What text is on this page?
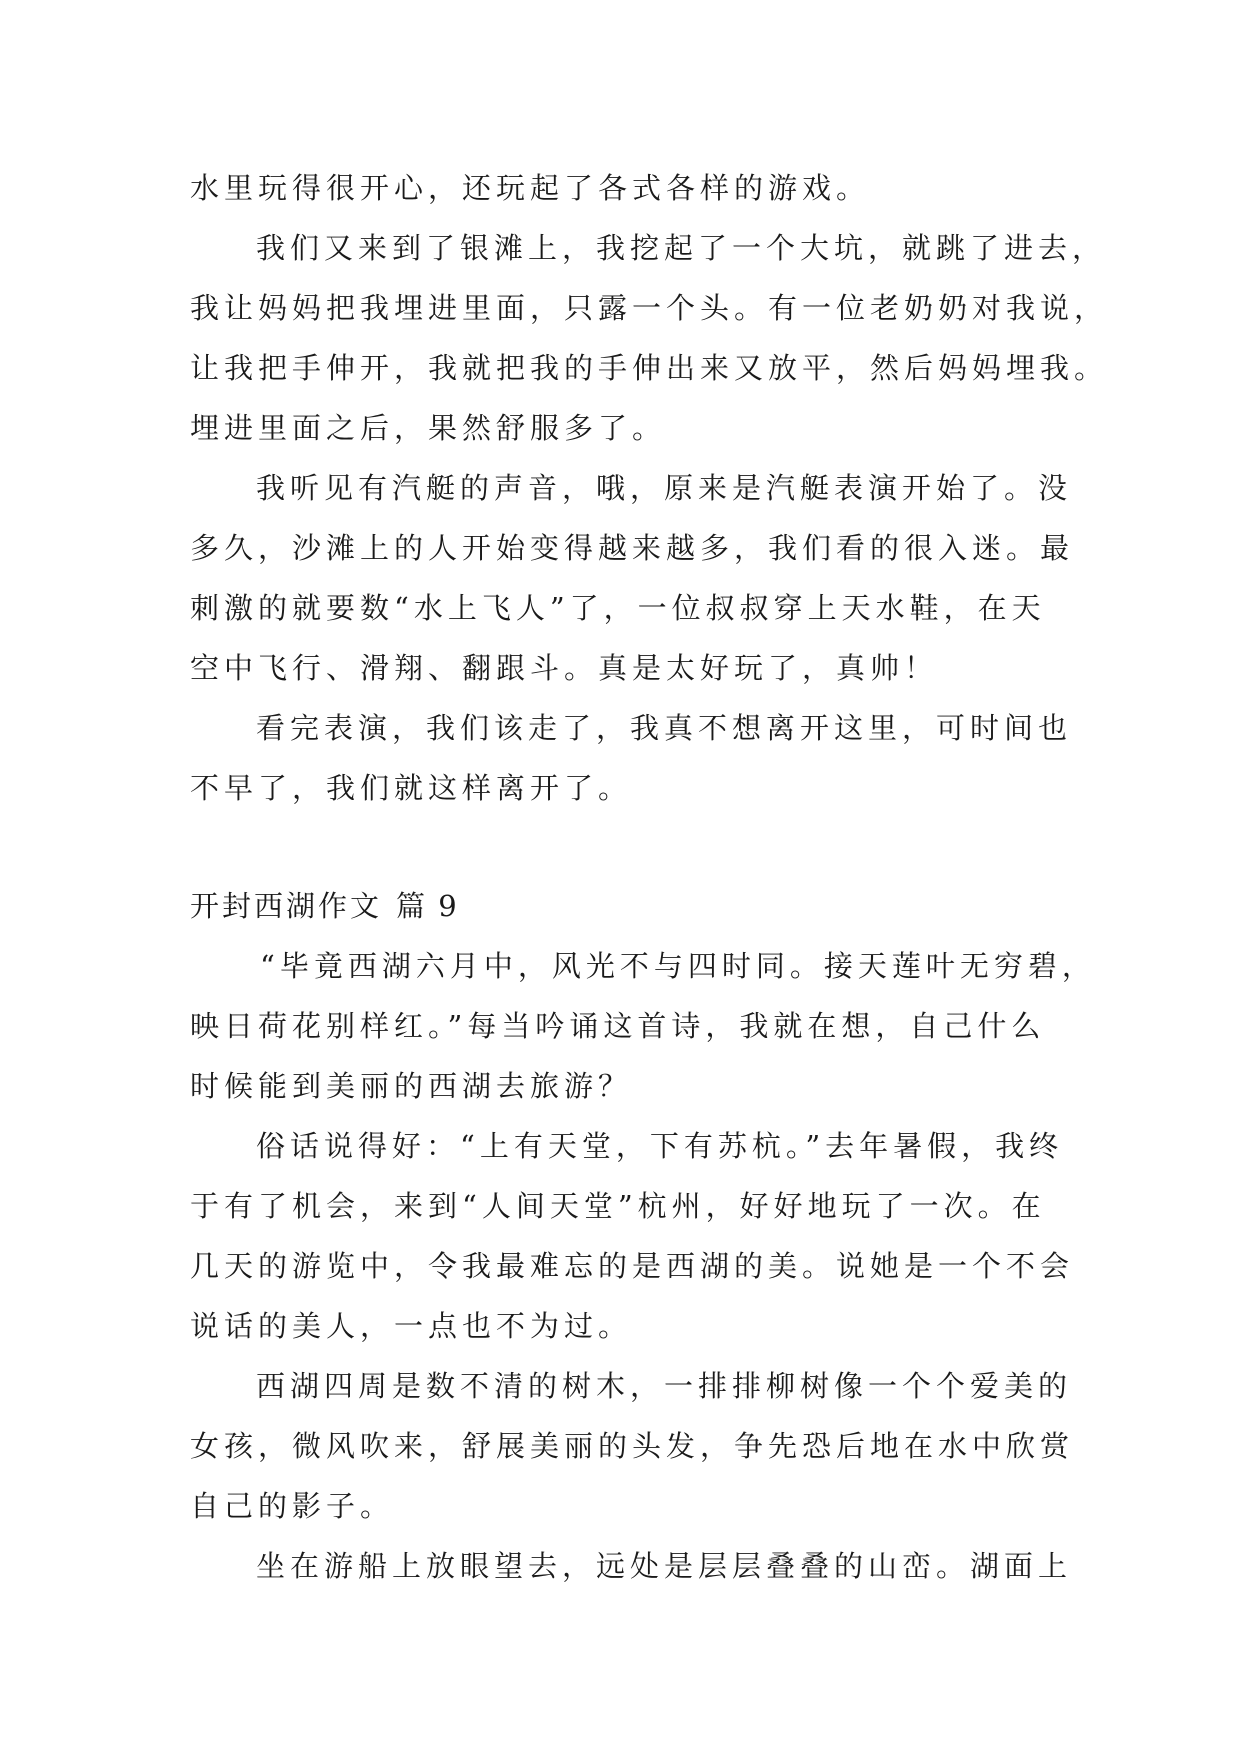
水里玩得很开心，还玩起了各式各样的游戏。
我们又来到了银滩上，我挖起了一个大坑，就跳了进去，
我让妈妈把我埋进里面，只露一个头。有一位老奶奶对我说，
让我把手伸开，我就把我的手伸出来又放平，然后妈妈埋我。
埋进里面之后，果然舒服多了。
我听见有汽艇的声音，哦，原来是汽艇表演开始了。没
多久，沙滩上的人开始变得越来越多，我们看的很入迷。最
刺激的就要数“水上飞人”了，一位叔叔穿上天水鞋，在天
空中飞行、滑翔、翻跟斗。真是太好玩了，真帅！
看完表演，我们该走了，我真不想离开这里，可时间也
不早了，我们就这样离开了。
开封西湖作文 篇 9
“毕竟西湖六月中，风光不与四时同。接天莲叶无穷碧，
映日荷花别样红。”每当吟诵这首诗，我就在想，自己什么
时候能到美丽的西湖去旅游？
俗话说得好：“上有天堂，下有苏杭。”去年暑假，我终
于有了机会，来到“人间天堂”杭州，好好地玩了一次。在
几天的游览中，令我最难忘的是西湖的美。说她是一个不会
说话的美人，一点也不为过。
西湖四周是数不清的树木，一排排柳树像一个个爱美的
女孩，微风吹来，舒展美丽的头发，争先恐后地在水中欣赏
自己的影子。
坐在游船上放眼望去，远处是层层叠叠的山峦。湖面上
